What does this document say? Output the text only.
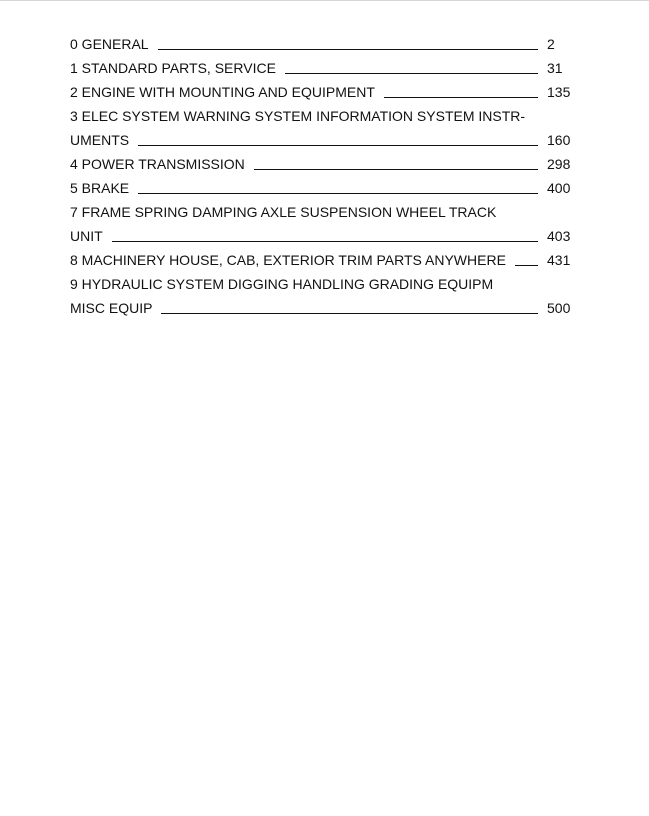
0 GENERAL	2
1 STANDARD PARTS, SERVICE	31
2 ENGINE WITH MOUNTING AND EQUIPMENT	135
3 ELEC SYSTEM WARNING SYSTEM INFORMATION SYSTEM INSTR-
UMENTS	160
4 POWER TRANSMISSION	298
5 BRAKE	400
7 FRAME SPRING DAMPING AXLE SUSPENSION WHEEL TRACK
UNIT	403
8 MACHINERY HOUSE, CAB, EXTERIOR TRIM PARTS ANYWHERE	431
9 HYDRAULIC SYSTEM DIGGING HANDLING GRADING EQUIPM
MISC EQUIP	500
